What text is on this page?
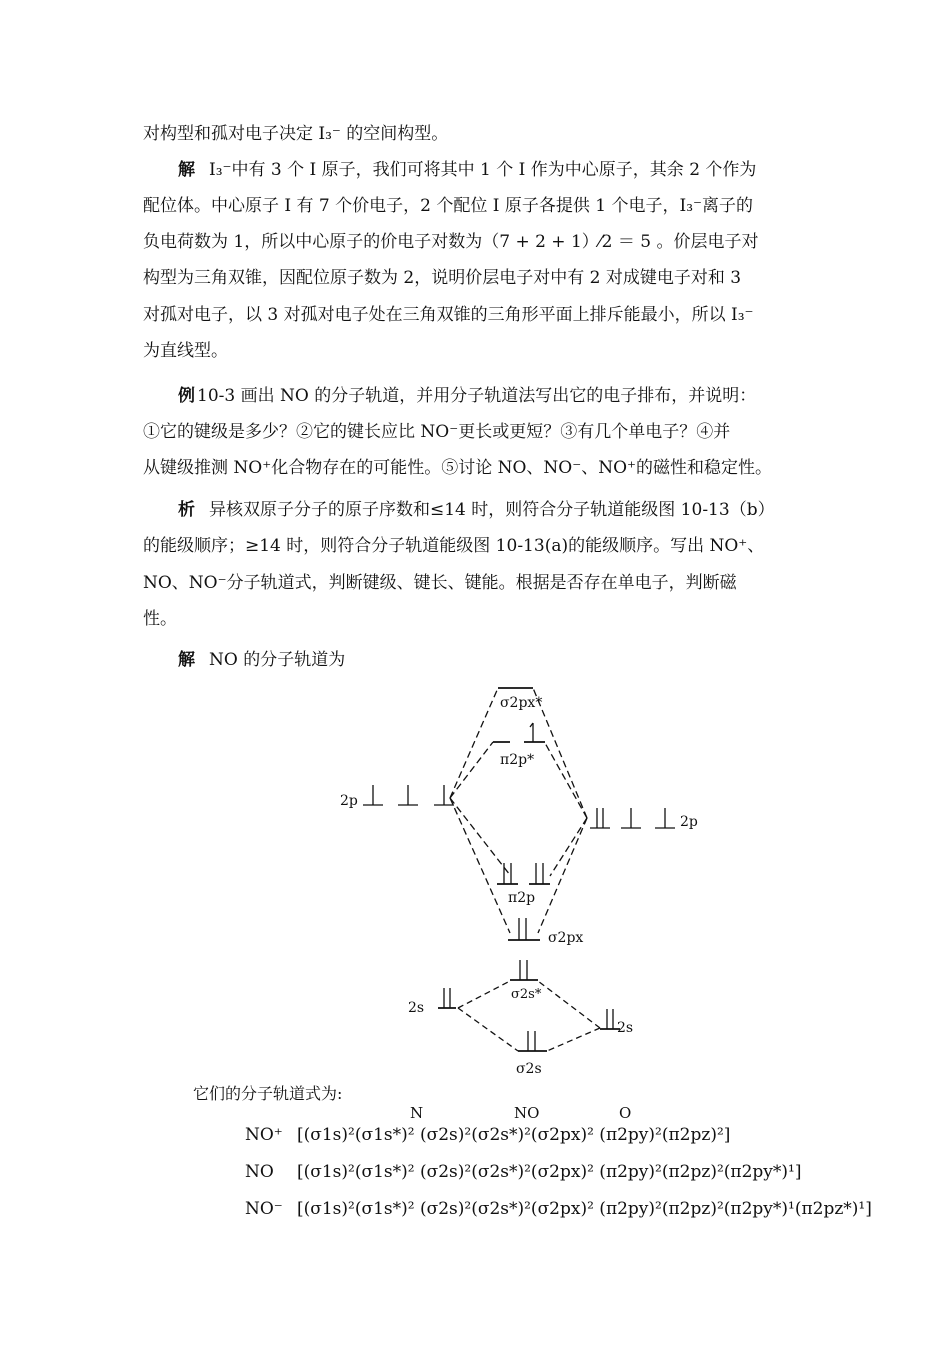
对构型和孤对电子决定 I₃⁻ 的空间构型。
解 I₃⁻中有 3 个 I 原子，我们可将其中 1 个 I 作为中心原子，其余 2 个作为
配位体。中心原子 I 有 7 个价电子，2 个配位 I 原子各提供 1 个电子，I₃⁻离子的
负电荷数为 1，所以中心原子的价电子对数为（7 + 2 + 1）⁄2 ＝ 5 。价层电子对
构型为三角双锥，因配位原子数为 2，说明价层电子对中有 2 对成键电子对和 3
对孤对电子，以 3 对孤对电子处在三角双锥的三角形平面上排斥能最小，所以 I₃⁻
为直线型。
例 10-3 画出 NO 的分子轨道，并用分子轨道法写出它的电子排布，并说明：
①它的键级是多少？②它的键长应比 NO⁻更长或更短？③有几个单电子？④并
从键级推测 NO⁺化合物存在的可能性。⑤讨论 NO、NO⁻、NO⁺的磁性和稳定性。
析 异核双原子分子的原子序数和≤14 时，则符合分子轨道能级图 10-13（b）
的能级顺序；≥14 时，则符合分子轨道能级图 10-13(a)的能级顺序。写出 NO⁺、
NO、NO⁻分子轨道式，判断键级、键长、键能。根据是否存在单电子，判断磁
性。
解 NO 的分子轨道为
σ2px*
π2p*
2p
2p
π2p
σ2px
2s
σ2s*
2s
σ2s
它们的分子轨道式为:
N	NO	O
NO⁺ [(σ1s)²(σ1s*)² (σ2s)²(σ2s*)²(σ2px)² (π2py)²(π2pz)²]
NO [(σ1s)²(σ1s*)² (σ2s)²(σ2s*)²(σ2px)² (π2py)²(π2pz)²(π2py*)¹]
NO⁻ [(σ1s)²(σ1s*)² (σ2s)²(σ2s*)²(σ2px)² (π2py)²(π2pz)²(π2py*)¹(π2pz*)¹]
